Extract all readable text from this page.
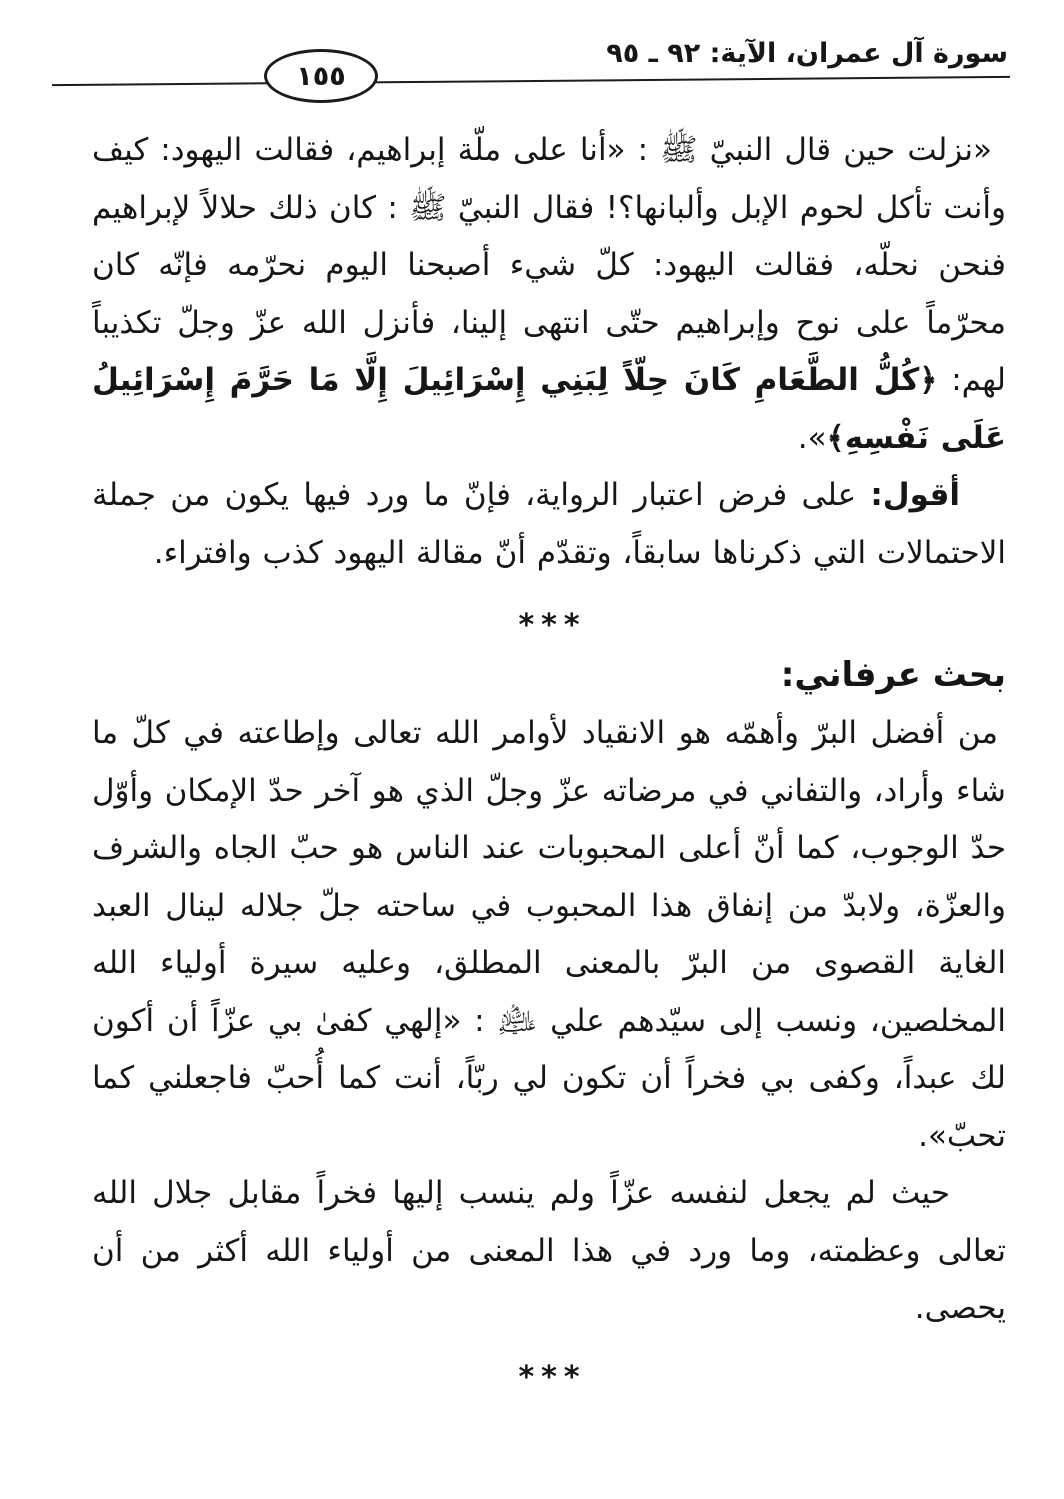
سورة آل عمران، الآية: ٩٢ ـ ٩٥
١٥٥

«نزلت حين قال النبيّ ﷺ : «أنا على ملّة إبراهيم، فقالت اليهود: كيف وأنت تأكل لحوم الإبل وألبانها؟! فقال النبيّ ﷺ : كان ذلك حلالاً لإبراهيم فنحن نحلّه، فقالت اليهود: كلّ شيء أصبحنا اليوم نحرّمه فإنّه كان محرّماً على نوح وإبراهيم حتّى انتهى إلينا، فأنزل الله عزّ وجلّ تكذيباً لهم: ﴿كُلُّ الطَّعَامِ كَانَ حِلّاً لِبَنِي إِسْرَائِيلَ إِلَّا مَا حَرَّمَ إِسْرَائِيلُ عَلَى نَفْسِهِ﴾».

أقول: على فرض اعتبار الرواية، فإنّ ما ورد فيها يكون من جملة الاحتمالات التي ذكرناها سابقاً، وتقدّم أنّ مقالة اليهود كذب وافتراء.

***
بحث عرفاني:

من أفضل البرّ وأهمّه هو الانقياد لأوامر الله تعالى وإطاعته في كلّ ما شاء وأراد، والتفاني في مرضاته عزّ وجلّ الذي هو آخر حدّ الإمكان وأوّل حدّ الوجوب، كما أنّ أعلى المحبوبات عند الناس هو حبّ الجاه والشرف والعزّة، ولابدّ من إنفاق هذا المحبوب في ساحته جلّ جلاله لينال العبد الغاية القصوى من البرّ بالمعنى المطلق، وعليه سيرة أولياء الله المخلصين، ونسب إلى سيّدهم علي ﵇ : «إلهي كفىٰ بي عزّاً أن أكون لك عبداً، وكفى بي فخراً أن تكون لي ربّاً، أنت كما أُحبّ فاجعلني كما تحبّ».

حيث لم يجعل لنفسه عزّاً ولم ينسب إليها فخراً مقابل جلال الله تعالى وعظمته، وما ورد في هذا المعنى من أولياء الله أكثر من أن يحصى.

***
